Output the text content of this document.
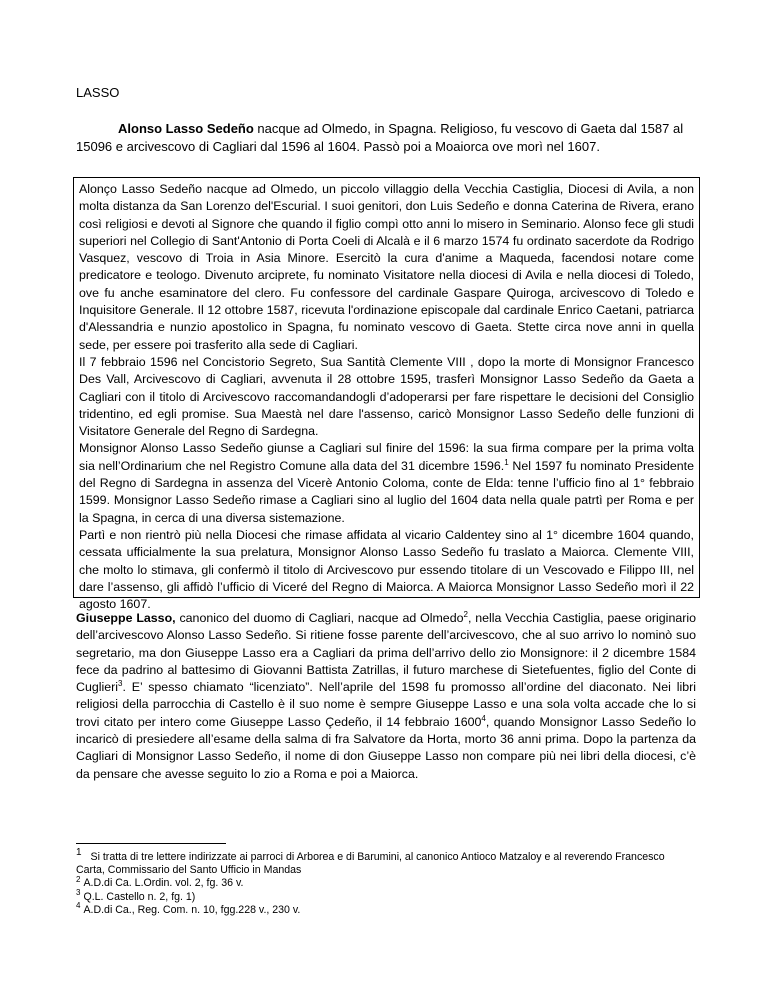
LASSO
Alonso Lasso Sedeño nacque ad Olmedo, in Spagna. Religioso, fu vescovo di Gaeta dal 1587 al 15096 e arcivescovo di Cagliari dal 1596 al 1604. Passò poi a Moaiorca ove morì nel 1607.

Alonço Lasso Sedeño nacque ad Olmedo, un piccolo villaggio della Vecchia Castiglia, Diocesi di Avila, a non molta distanza da San Lorenzo del'Escurial. I suoi genitori, don Luis Sedeño e donna Caterina de Rivera, erano così religiosi e devoti al Signore che quando il figlio compì otto anni lo misero in Seminario. Alonso fece gli studi superiori nel Collegio di Sant'Antonio di Porta Coeli di Alcalà e il 6 marzo 1574 fu ordinato sacerdote da Rodrigo Vasquez, vescovo di Troia in Asia Minore. Esercitò la cura d'anime a Maqueda, facendosi notare come predicatore e teologo. Divenuto arciprete, fu nominato Visitatore nella diocesi di Avila e nella diocesi di Toledo, ove fu anche esaminatore del clero. Fu confessore del cardinale Gaspare Quiroga, arcivescovo di Toledo e Inquisitore Generale. Il 12 ottobre 1587, ricevuta l'ordinazione episcopale dal cardinale Enrico Caetani, patriarca d'Alessandria e nunzio apostolico in Spagna, fu nominato vescovo di Gaeta. Stette circa nove anni in quella sede, per essere poi trasferito alla sede di Cagliari.

Il 7 febbraio 1596 nel Concistorio Segreto, Sua Santità Clemente VIII , dopo la morte di Monsignor Francesco Des Vall, Arcivescovo di Cagliari, avvenuta il 28 ottobre 1595, trasferì Monsignor Lasso Sedeño da Gaeta a Cagliari con il titolo di Arcivescovo raccomandandogli d’adoperarsi per fare rispettare le decisioni del Consiglio tridentino, ed egli promise. Sua Maestà nel dare l'assenso, caricò Monsignor Lasso Sedeño delle funzioni di Visitatore Generale del Regno di Sardegna.

Monsignor Alonso Lasso Sedeño giunse a Cagliari sul finire del 1596: la sua firma compare per la prima volta sia nell’Ordinarium che nel Registro Comune alla data del 31 dicembre 1596.$^1$ Nel 1597 fu nominato Presidente del Regno di Sardegna in assenza del Vicerè Antonio Coloma, conte de Elda: tenne l’ufficio fino al 1° febbraio 1599. Monsignor Lasso Sedeño rimase a Cagliari sino al luglio del 1604 data nella quale patrtì per Roma e per la Spagna, in cerca di una diversa sistemazione.

Partì e non rientrò più nella Diocesi che rimase affidata al vicario Caldentey sino al 1° dicembre 1604 quando, cessata ufficialmente la sua prelatura, Monsignor Alonso Lasso Sedeño fu traslato a Maiorca. Clemente VIII, che molto lo stimava, gli confermò il titolo di Arcivescovo pur essendo titolare di un Vescovado e Filippo III, nel dare l’assenso, gli affidò l’ufficio di Viceré del Regno di Maiorca. A Maiorca Monsignor Lasso Sedeño morì il 22 agosto 1607.

Giuseppe Lasso, canonico del duomo di Cagliari, nacque ad Olmedo$^2$, nella Vecchia Castiglia, paese originario dell’arcivescovo Alonso Lasso Sedeño. Si ritiene fosse parente dell’arcivescovo, che al suo arrivo lo nominò suo segretario, ma don Giuseppe Lasso era a Cagliari da prima dell’arrivo dello zio Monsignore: il 2 dicembre 1584 fece da padrino al battesimo di Giovanni Battista Zatrillas, il futuro marchese di Sietefuentes, figlio del Conte di Cuglieri$^3$. E’ spesso chiamato “licenziato”. Nell’aprile del 1598 fu promosso all’ordine del diaconato. Nei libri religiosi della parrocchia di Castello è il suo nome è sempre Giuseppe Lasso e una sola volta accade che lo si trovi citato per intero come Giuseppe Lasso Çedeño, il 14 febbraio 1600$^4$, quando Monsignor Lasso Sedeño lo incaricò di presiedere all’esame della salma di fra Salvatore da Horta, morto 36 anni prima. Dopo la partenza da Cagliari di Monsignor Lasso Sedeño, il nome di don Giuseppe Lasso non compare più nei libri della diocesi, c’è da pensare che avesse seguito lo zio a Roma e poi a Maiorca.

1 Si tratta di tre lettere indirizzate ai parroci di Arborea e di Barumini, al canonico Antioco Matzaloy e al reverendo Francesco Carta, Commissario del Santo Ufficio in Mandas

$^2$ A.D.di Ca. L.Ordin. vol. 2, fg. 36 v.

$^3$ Q.L. Castello n. 2, fg. 1)

$^4$ A.D.di Ca., Reg. Com. n. 10, fgg.228 v., 230 v.
